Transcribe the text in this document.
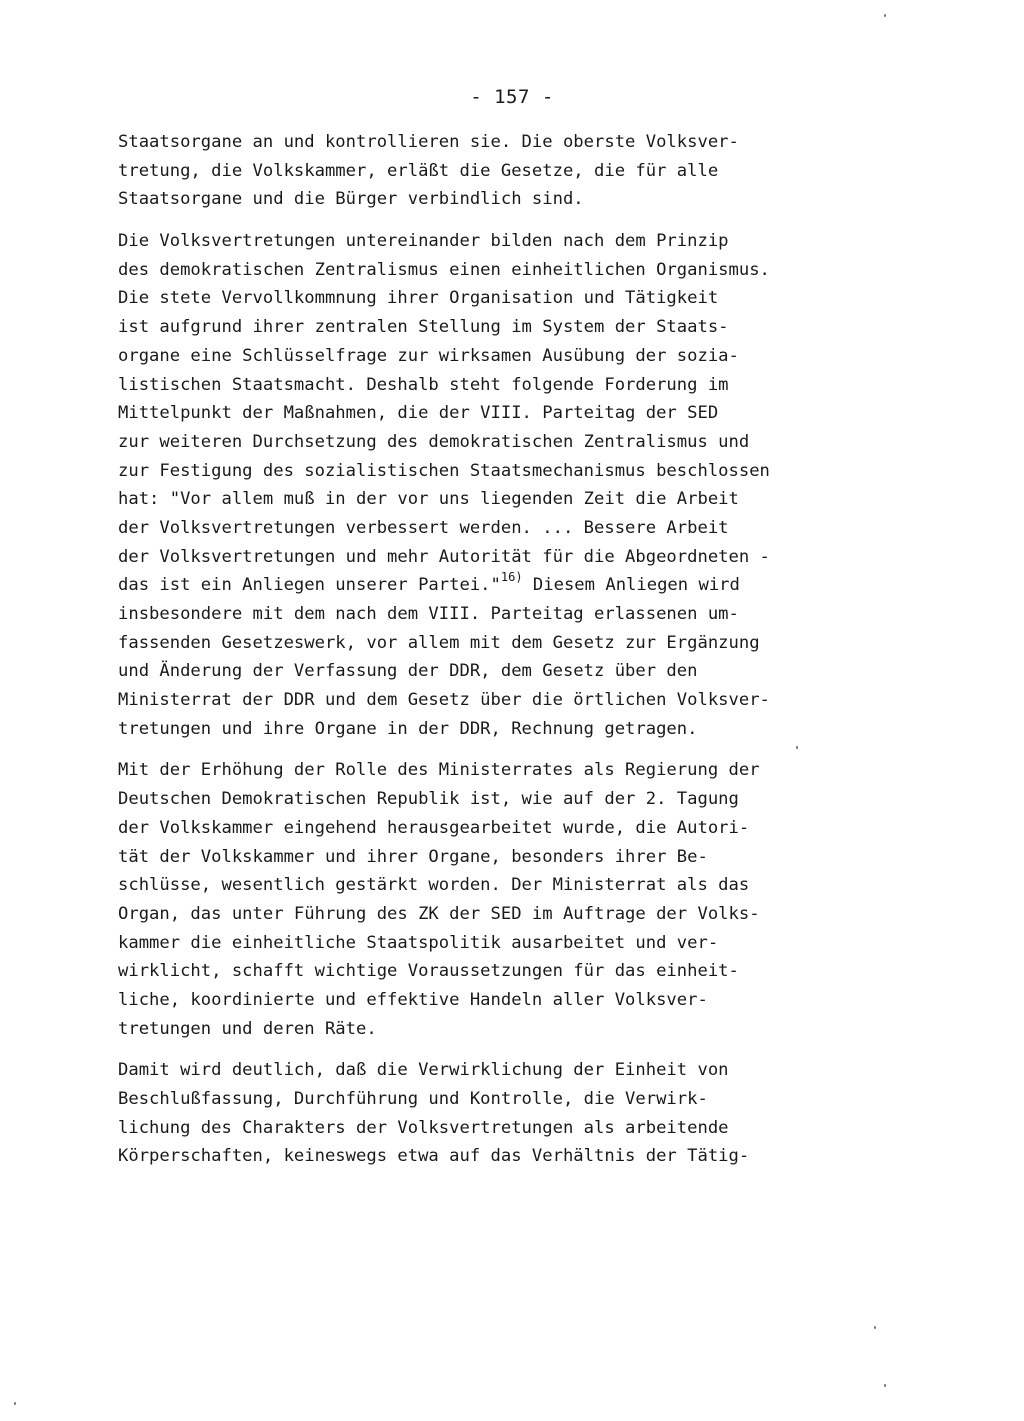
- 157 -
Staatsorgane an und kontrollieren sie. Die oberste Volksver-
tretung, die Volkskammer, erläßt die Gesetze, die für alle
Staatsorgane und die Bürger verbindlich sind.
Die Volksvertretungen untereinander bilden nach dem Prinzip
des demokratischen Zentralismus einen einheitlichen Organismus.
Die stete Vervollkommnung ihrer Organisation und Tätigkeit
ist aufgrund ihrer zentralen Stellung im System der Staats-
organe eine Schlüsselfrage zur wirksamen Ausübung der sozia-
listischen Staatsmacht. Deshalb steht folgende Forderung im
Mittelpunkt der Maßnahmen, die der VIII. Parteitag der SED
zur weiteren Durchsetzung des demokratischen Zentralismus und
zur Festigung des sozialistischen Staatsmechanismus beschlossen
hat: "Vor allem muß in der vor uns liegenden Zeit die Arbeit
der Volksvertretungen verbessert werden. ... Bessere Arbeit
der Volksvertretungen und mehr Autorität für die Abgeordneten -
das ist ein Anliegen unserer Partei."$^{16)}$ Diesem Anliegen wird
insbesondere mit dem nach dem VIII. Parteitag erlassenen um-
fassenden Gesetzeswerk, vor allem mit dem Gesetz zur Ergänzung
und Änderung der Verfassung der DDR, dem Gesetz über den
Ministerrat der DDR und dem Gesetz über die örtlichen Volksver-
tretungen und ihre Organe in der DDR, Rechnung getragen.
Mit der Erhöhung der Rolle des Ministerrates als Regierung der
Deutschen Demokratischen Republik ist, wie auf der 2. Tagung
der Volkskammer eingehend herausgearbeitet wurde, die Autori-
tät der Volkskammer und ihrer Organe, besonders ihrer Be-
schlüsse, wesentlich gestärkt worden. Der Ministerrat als das
Organ, das unter Führung des ZK der SED im Auftrage der Volks-
kammer die einheitliche Staatspolitik ausarbeitet und ver-
wirklicht, schafft wichtige Voraussetzungen für das einheit-
liche, koordinierte und effektive Handeln aller Volksver-
tretungen und deren Räte.
Damit wird deutlich, daß die Verwirklichung der Einheit von
Beschlußfassung, Durchführung und Kontrolle, die Verwirk-
lichung des Charakters der Volksvertretungen als arbeitende
Körperschaften, keineswegs etwa auf das Verhältnis der Tätig-
